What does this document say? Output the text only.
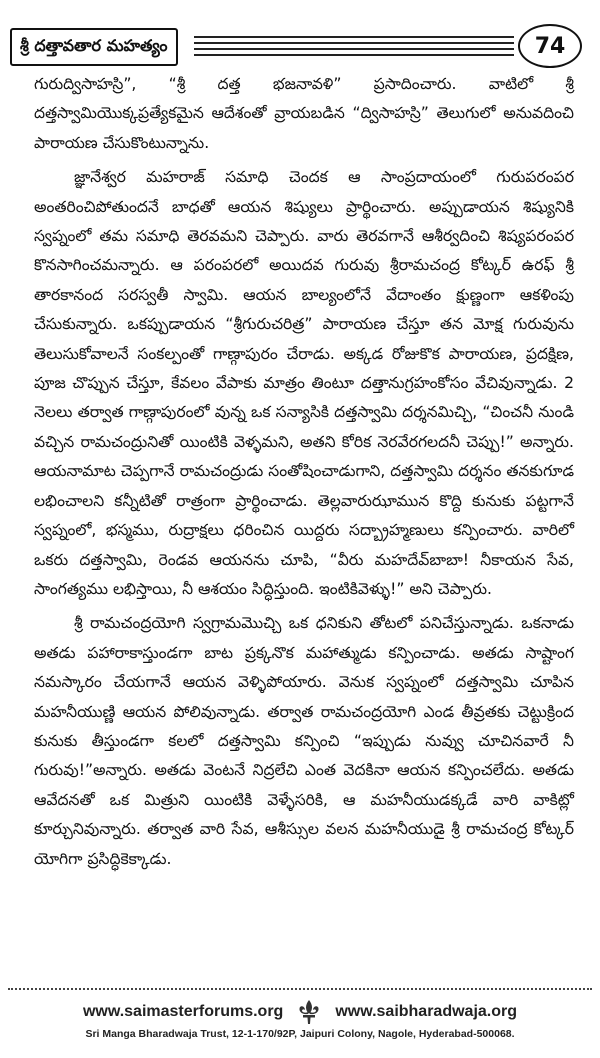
శ్రీ దత్తావతార మహత్యం	74

గురుద్విసాహస్రి”, “శ్రీ దత్త భజనావళి” ప్రసాదించారు. వాటిలో శ్రీ దత్తస్వామియొక్కప్రత్యేకమైన ఆదేశంతో వ్రాయబడిన “ద్విసాహస్రి” తెలుగులో అనువదించి పారాయణ చేసుకొంటున్నాను.

జ్ఞానేశ్వర మహరాజ్ సమాధి చెందక ఆ సాంప్రదాయంలో గురుపరంపర అంతరించిపోతుందనే బాధతో ఆయన శిష్యులు ప్రార్థించారు. అప్పుడాయన శిష్యునికి స్వప్నంలో తమ సమాధి తెరవమని చెప్పారు. వారు తెరవగానే ఆశీర్వదించి శిష్యపరంపర కొనసాగించమన్నారు. ఆ పరంపరలో అయిదవ గురువు శ్రీరామచంద్ర కోట్కర్ ఉరఫ్ శ్రీ తారకానంద సరస్వతీ స్వామి. ఆయన బాల్యంలోనే వేదాంతం క్షుణ్ణంగా ఆకళింపు చేసుకున్నారు. ఒకప్పుడాయన “శ్రీగురుచరిత్ర” పారాయణ చేస్తూ తన మోక్ష గురువును తెలుసుకోవాలనే సంకల్పంతో గాణ్గాపురం చేరాడు. అక్కడ రోజుకొక పారాయణ, ప్రదక్షిణ, పూజ చొప్పున చేస్తూ, కేవలం వేపాకు మాత్రం తింటూ దత్తానుగ్రహంకోసం వేచివున్నాడు. 2 నెలలు తర్వాత గాణ్గాపురంలో వున్న ఒక సన్యాసికి దత్తస్వామి దర్శనమిచ్చి, “చించనీ నుండి వచ్చిన రామచంద్రునితో యింటికి వెళ్ళమని, అతని కోరిక నెరవేరగలదనీ చెప్పు!” అన్నారు. ఆయనామాట చెప్పగానే రామచంద్రుడు సంతోషించాడుగాని, దత్తస్వామి దర్శనం తనకుగూడ లభించాలని కన్నీటితో రాత్రంగా ప్రార్థించాడు. తెల్లవారుఝామున కొద్ది కునుకు పట్టగానే స్వప్నంలో, భస్మము, రుద్రాక్షలు ధరించిన యిద్దరు సద్బ్రాహ్మణులు కన్పించారు. వారిలో ఒకరు దత్తస్వామి, రెండవ ఆయనను చూపి, “వీరు మహదేవ్‌బాబా! నీకాయన సేవ, సాంగత్యము లభిస్తాయి, నీ ఆశయం సిద్ధిస్తుంది. ఇంటికివెళ్ళు!” అని చెప్పారు.

శ్రీ రామచంద్రయోగి స్వగ్రామమొచ్చి ఒక ధనికుని తోటలో పనిచేస్తున్నాడు. ఒకనాడు అతడు పహారాకాస్తుండగా బాట ప్రక్కనొక మహాత్ముడు కన్పించాడు. అతడు సాష్టాంగ నమస్కారం చేయగానే ఆయన వెళ్ళిపోయారు. వెనుక స్వప్నంలో దత్తస్వామి చూపిన మహనీయుణ్ణి ఆయన పోలివున్నాడు. తర్వాత రామచంద్రయోగి ఎండ తీవ్రతకు చెట్టుక్రింద కునుకు తీస్తుండగా కలలో దత్తస్వామి కన్పించి “ఇప్పుడు నువ్వు చూచినవారే నీ గురువు!”అన్నారు. అతడు వెంటనే నిద్రలేచి ఎంత వెదకినా ఆయన కన్పించలేదు. అతడు ఆవేదనతో ఒక మిత్రుని యింటికి వెళ్ళేసరికి, ఆ మహనీయుడక్కడే వారి వాకిట్లో కూర్చునివున్నారు. తర్వాత వారి సేవ, ఆశీస్సుల వలన మహనీయుడై శ్రీ రామచంద్ర కోట్కర్ యోగిగా ప్రసిద్ధికెక్కాడు.

www.saimasterforums.org	www.saibharadwaja.org
Sri Manga Bharadwaja Trust, 12-1-170/92P, Jaipuri Colony, Nagole, Hyderabad-500068.
